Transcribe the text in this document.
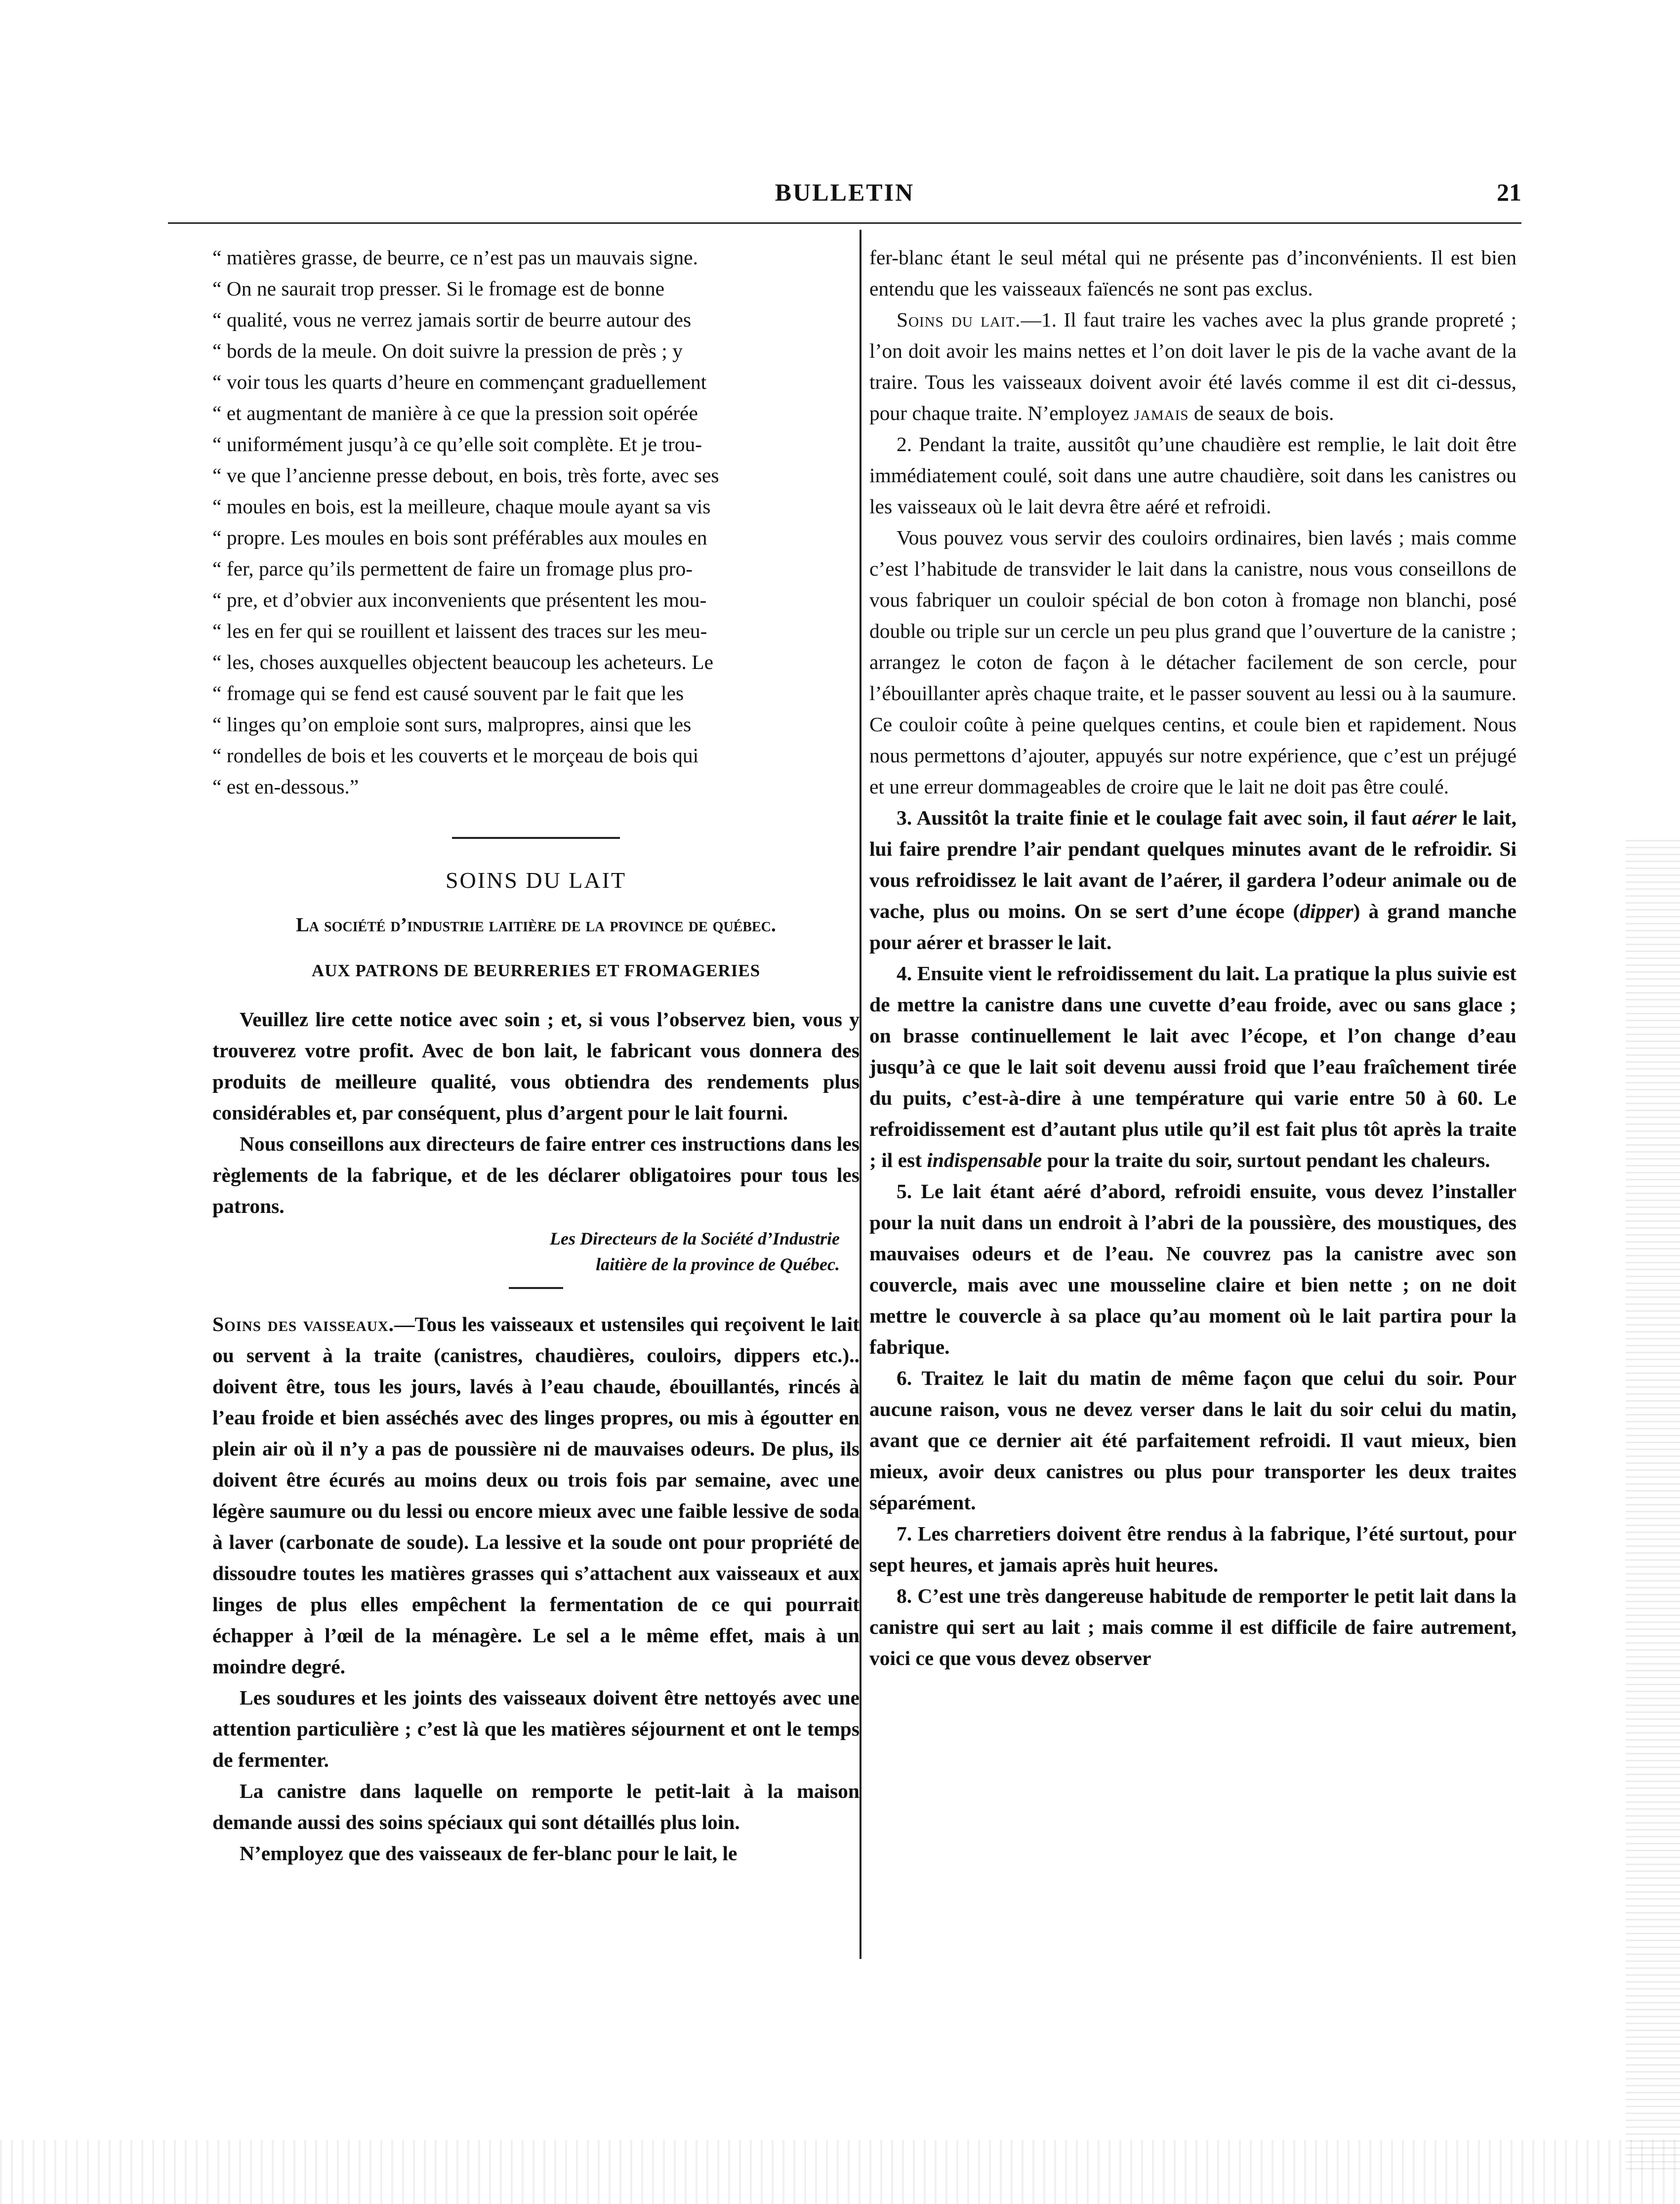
BULLETIN	21

“ matières grasse, de beurre, ce n’est pas un mauvais signe.

“ On ne saurait trop presser. Si le fromage est de bonne

“ qualité, vous ne verrez jamais sortir de beurre autour des

“ bords de la meule. On doit suivre la pression de près ; y

“ voir tous les quarts d’heure en commençant graduellement

“ et augmentant de manière à ce que la pression soit opérée

“ uniformément jusqu’à ce qu’elle soit complète. Et je trou-

“ ve que l’ancienne presse debout, en bois, très forte, avec ses

“ moules en bois, est la meilleure, chaque moule ayant sa vis

“ propre. Les moules en bois sont préférables aux moules en

“ fer, parce qu’ils permettent de faire un fromage plus pro-

“ pre, et d’obvier aux inconvenients que présentent les mou-

“ les en fer qui se rouillent et laissent des traces sur les meu-

“ les, choses auxquelles objectent beaucoup les acheteurs. Le

“ fromage qui se fend est causé souvent par le fait que les

“ linges qu’on emploie sont surs, malpropres, ainsi que les

“ rondelles de bois et les couverts et le morçeau de bois qui

“ est en-dessous.”

SOINS DU LAIT
La société d’industrie laitière de la province de québec.
AUX PATRONS DE BEURRERIES ET FROMAGERIES

Veuillez lire cette notice avec soin ; et, si vous l’observez bien, vous y trouverez votre profit. Avec de bon lait, le fabricant vous donnera des produits de meilleure qualité, vous obtiendra des rendements plus considérables et, par conséquent, plus d’argent pour le lait fourni.

Nous conseillons aux directeurs de faire entrer ces instructions dans les règlements de la fabrique, et de les déclarer obligatoires pour tous les patrons.

Les Directeurs de la Société d’Industrie
laitière de la province de Québec.

Soins des vaisseaux.—Tous les vaisseaux et ustensiles qui reçoivent le lait ou servent à la traite (canistres, chaudières, couloirs, dippers etc.).. doivent être, tous les jours, lavés à l’eau chaude, ébouillantés, rincés à l’eau froide et bien asséchés avec des linges propres, ou mis à égoutter en plein air où il n’y a pas de poussière ni de mauvaises odeurs. De plus, ils doivent être écurés au moins deux ou trois fois par semaine, avec une légère saumure ou du lessi ou encore mieux avec une faible lessive de soda à laver (carbonate de soude). La lessive et la soude ont pour propriété de dissoudre toutes les matières grasses qui s’attachent aux vaisseaux et aux linges de plus elles empêchent la fermentation de ce qui pourrait échapper à l’œil de la ménagère. Le sel a le même effet, mais à un moindre degré.

Les soudures et les joints des vaisseaux doivent être nettoyés avec une attention particulière ; c’est là que les matières séjournent et ont le temps de fermenter.

La canistre dans laquelle on remporte le petit-lait à la maison demande aussi des soins spéciaux qui sont détaillés plus loin.

N’employez que des vaisseaux de fer-blanc pour le lait, le

fer-blanc étant le seul métal qui ne présente pas d’inconvénients. Il est bien entendu que les vaisseaux faïencés ne sont pas exclus.

Soins du lait.—1. Il faut traire les vaches avec la plus grande propreté ; l’on doit avoir les mains nettes et l’on doit laver le pis de la vache avant de la traire. Tous les vaisseaux doivent avoir été lavés comme il est dit ci-dessus, pour chaque traite. N’employez jamais de seaux de bois.

2. Pendant la traite, aussitôt qu’une chaudière est remplie, le lait doit être immédiatement coulé, soit dans une autre chaudière, soit dans les canistres ou les vaisseaux où le lait devra être aéré et refroidi.

Vous pouvez vous servir des couloirs ordinaires, bien lavés ; mais comme c’est l’habitude de transvider le lait dans la canistre, nous vous conseillons de vous fabriquer un couloir spécial de bon coton à fromage non blanchi, posé double ou triple sur un cercle un peu plus grand que l’ouverture de la canistre ; arrangez le coton de façon à le détacher facilement de son cercle, pour l’ébouillanter après chaque traite, et le passer souvent au lessi ou à la saumure. Ce couloir coûte à peine quelques centins, et coule bien et rapidement. Nous nous permettons d’ajouter, appuyés sur notre expérience, que c’est un préjugé et une erreur dommageables de croire que le lait ne doit pas être coulé.

3. Aussitôt la traite finie et le coulage fait avec soin, il faut aérer le lait, lui faire prendre l’air pendant quelques minutes avant de le refroidir. Si vous refroidissez le lait avant de l’aérer, il gardera l’odeur animale ou de vache, plus ou moins. On se sert d’une écope (dipper) à grand manche pour aérer et brasser le lait.

4. Ensuite vient le refroidissement du lait. La pratique la plus suivie est de mettre la canistre dans une cuvette d’eau froide, avec ou sans glace ; on brasse continuellement le lait avec l’écope, et l’on change d’eau jusqu’à ce que le lait soit devenu aussi froid que l’eau fraîchement tirée du puits, c’est-à-dire à une température qui varie entre 50 à 60. Le refroidissement est d’autant plus utile qu’il est fait plus tôt après la traite ; il est indispensable pour la traite du soir, surtout pendant les chaleurs.

5. Le lait étant aéré d’abord, refroidi ensuite, vous devez l’installer pour la nuit dans un endroit à l’abri de la poussière, des moustiques, des mauvaises odeurs et de l’eau. Ne couvrez pas la canistre avec son couvercle, mais avec une mousseline claire et bien nette ; on ne doit mettre le couvercle à sa place qu’au moment où le lait partira pour la fabrique.

6. Traitez le lait du matin de même façon que celui du soir. Pour aucune raison, vous ne devez verser dans le lait du soir celui du matin, avant que ce dernier ait été parfaitement refroidi. Il vaut mieux, bien mieux, avoir deux canistres ou plus pour transporter les deux traites séparément.

7. Les charretiers doivent être rendus à la fabrique, l’été surtout, pour sept heures, et jamais après huit heures.

8. C’est une très dangereuse habitude de remporter le petit lait dans la canistre qui sert au lait ; mais comme il est difficile de faire autrement, voici ce que vous devez observer
